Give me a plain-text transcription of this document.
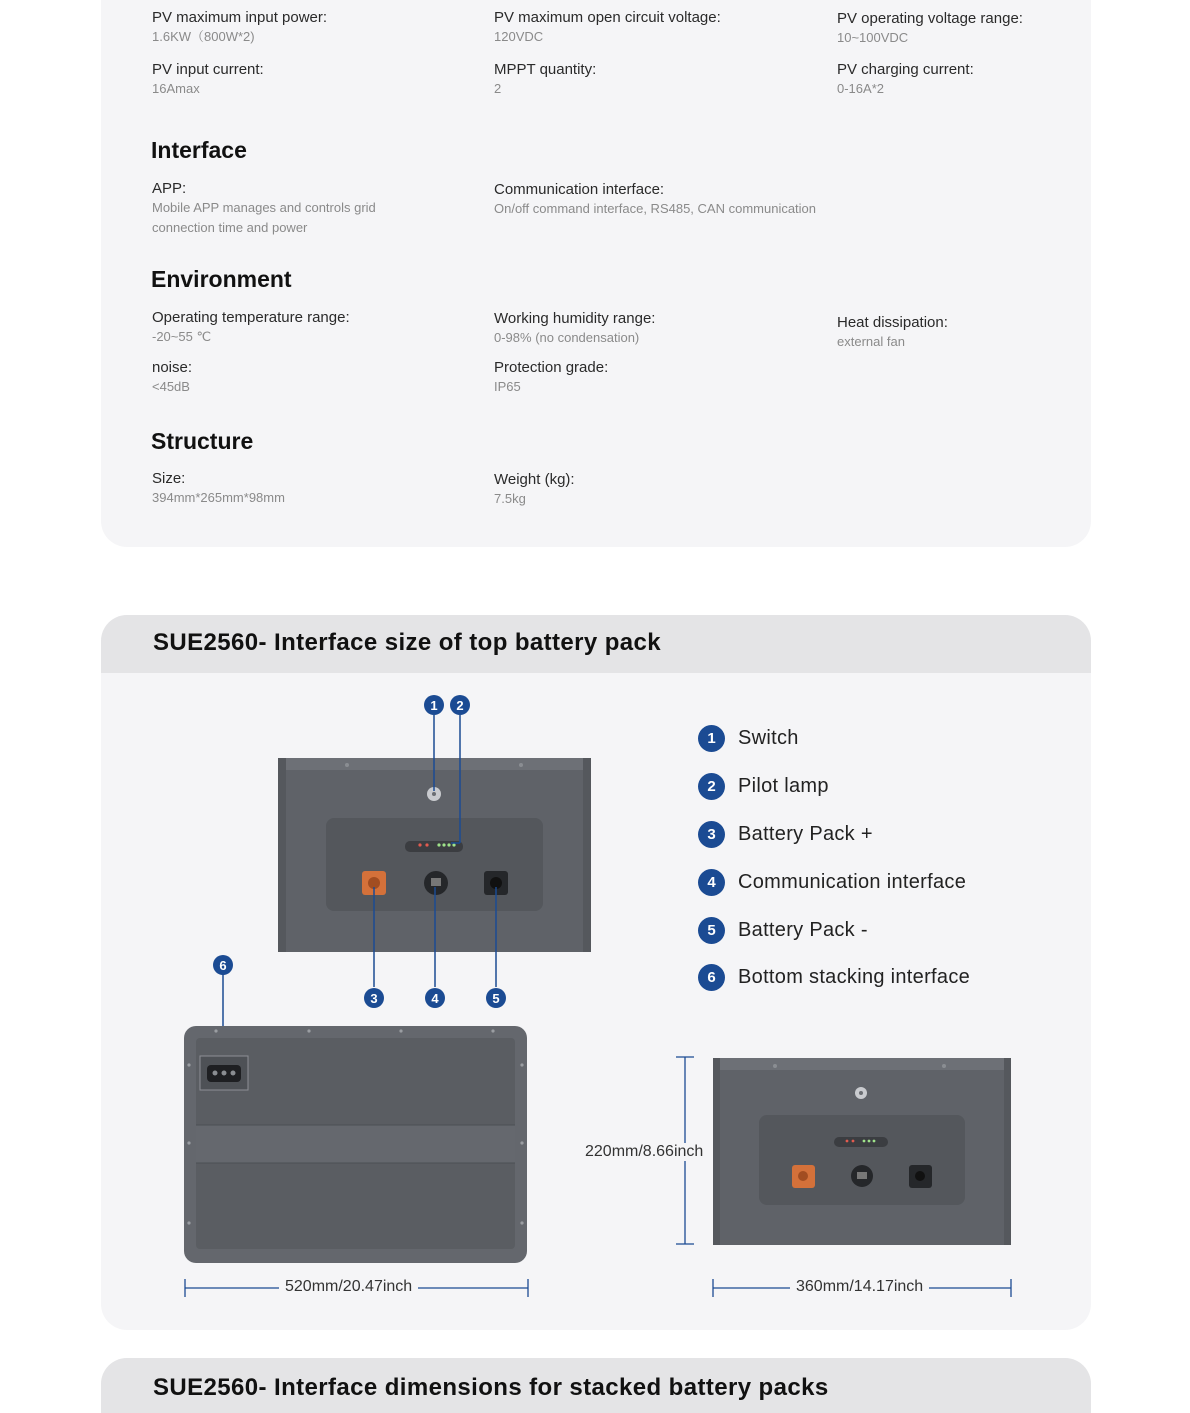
PV maximum input power:
1.6KW（800W*2)
PV maximum open circuit voltage:
120VDC
PV operating voltage range:
10~100VDC
PV input current:
16Amax
MPPT quantity:
2
PV charging current:
0-16A*2
Interface
APP:
Mobile APP manages and controls grid connection time and power
Communication interface:
On/off command interface, RS485, CAN communication
Environment
Operating temperature range:
-20~55 ℃
Working humidity range:
0-98% (no condensation)
Heat dissipation:
external fan
noise:
<45dB
Protection grade:
IP65
Structure
Size:
394mm*265mm*98mm
Weight (kg):
7.5kg
SUE2560- Interface size of top battery pack
1 2
3	4	5
6
520mm/20.47inch
220mm/8.66inch
360mm/14.17inch
1	Switch
2	Pilot lamp
3	Battery Pack +
4	Communication interface
5	Battery Pack -
6	Bottom stacking interface
SUE2560- Interface dimensions for stacked battery packs
